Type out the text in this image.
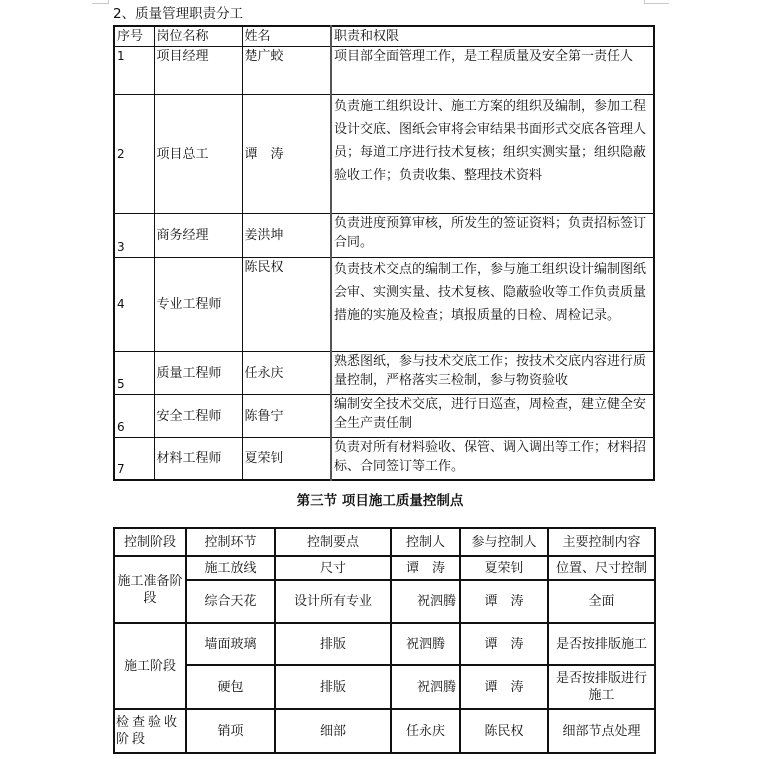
2、质量管理职责分工
序号	岗位名称	姓名	职责和权限
1	项目经理	楚广蛟	项目部全面管理工作，是工程质量及安全第一责任人
2	项目总工	谭　涛	负责施工组织设计、施工方案的组织及编制，参加工程设计交底、图纸会审将会审结果书面形式交底各管理人员；每道工序进行技术复核；组织实测实量；组织隐蔽验收工作；负责收集、整理技术资料
3	商务经理	姜洪坤	负责进度预算审核，所发生的签证资料；负责招标签订合同。
4	专业工程师	陈民权	负责技术交点的编制工作，参与施工组织设计编制图纸会审、实测实量、技术复核、隐蔽验收等工作负责质量措施的实施及检查；填报质量的日检、周检记录。
5	质量工程师	任永庆	熟悉图纸，参与技术交底工作；按技术交底内容进行质量控制，严格落实三检制，参与物资验收
6	安全工程师	陈鲁宁	编制安全技术交底，进行日巡查，周检查，建立健全安全生产责任制
7	材料工程师	夏荣钊	负责对所有材料验收、保管、调入调出等工作；材料招标、合同签订等工作。
第三节 项目施工质量控制点
控制阶段	控制环节	控制要点	控制人	参与控制人	主要控制内容
施工准备阶段	施工放线	尺寸	谭　涛	夏荣钊	位置、尺寸控制
	综合天花	设计所有专业	祝泗腾	谭　涛	全面
施工阶段	墙面玻璃	排版	祝泗腾	谭　涛	是否按排版施工
	硬包	排版	祝泗腾	谭　涛	是否按排版进行施工
检查验收阶段	销项	细部	任永庆	陈民权	细部节点处理
